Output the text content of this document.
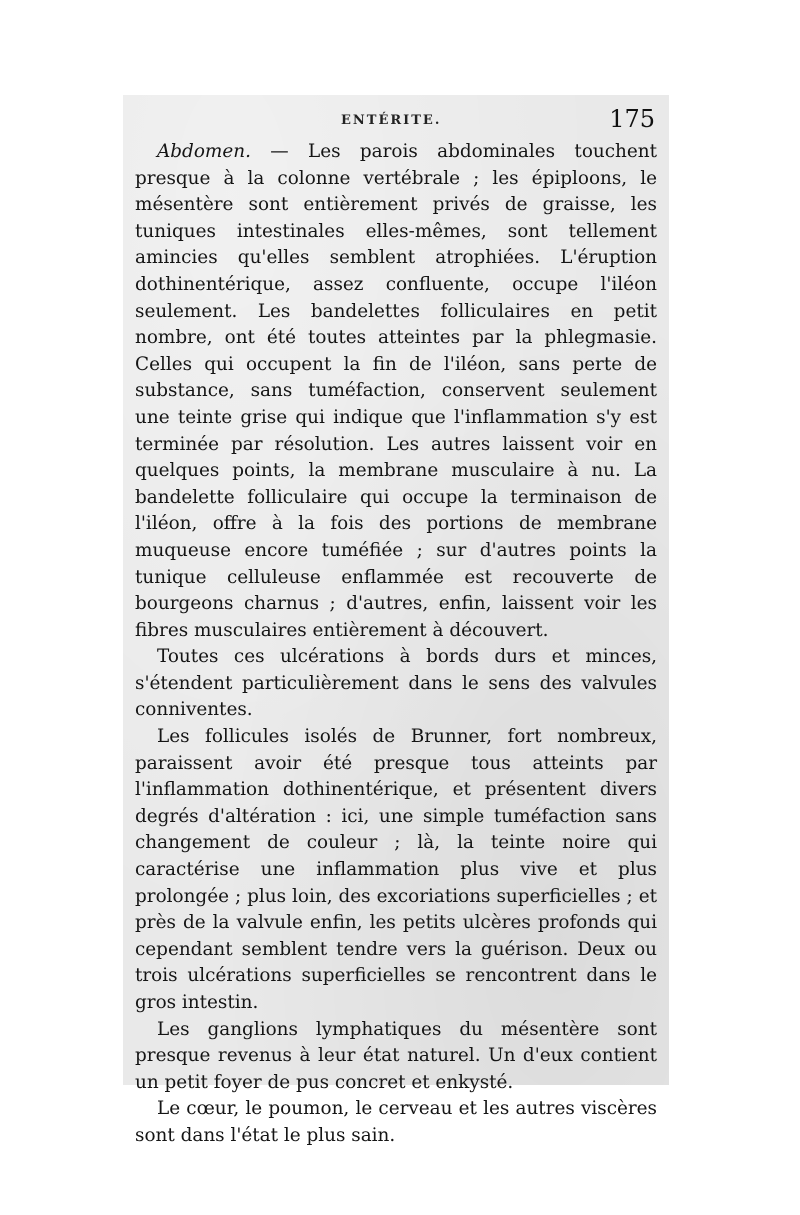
ENTÉRITE.	175

Abdomen. — Les parois abdominales touchent presque à la colonne vertébrale ; les épiploons, le mésentère sont entièrement privés de graisse, les tuniques intestinales elles-mêmes, sont tellement amincies qu'elles semblent atrophiées. L'éruption dothinentérique, assez confluente, occupe l'iléon seulement. Les bandelettes folliculaires en petit nombre, ont été toutes atteintes par la phlegmasie. Celles qui occupent la fin de l'iléon, sans perte de substance, sans tuméfaction, conservent seulement une teinte grise qui indique que l'inflammation s'y est terminée par résolution. Les autres laissent voir en quelques points, la membrane musculaire à nu. La bandelette folliculaire qui occupe la terminaison de l'iléon, offre à la fois des portions de membrane muqueuse encore tuméfiée ; sur d'autres points la tunique celluleuse enflammée est recouverte de bourgeons charnus ; d'autres, enfin, laissent voir les fibres musculaires entièrement à découvert.

Toutes ces ulcérations à bords durs et minces, s'étendent particulièrement dans le sens des valvules conniventes.

Les follicules isolés de Brunner, fort nombreux, paraissent avoir été presque tous atteints par l'inflammation dothinentérique, et présentent divers degrés d'altération : ici, une simple tuméfaction sans changement de couleur ; là, la teinte noire qui caractérise une inflammation plus vive et plus prolongée ; plus loin, des excoriations superficielles ; et près de la valvule enfin, les petits ulcères profonds qui cependant semblent tendre vers la guérison. Deux ou trois ulcérations superficielles se rencontrent dans le gros intestin.

Les ganglions lymphatiques du mésentère sont presque revenus à leur état naturel. Un d'eux contient un petit foyer de pus concret et enkysté.

Le cœur, le poumon, le cerveau et les autres viscères sont dans l'état le plus sain.
